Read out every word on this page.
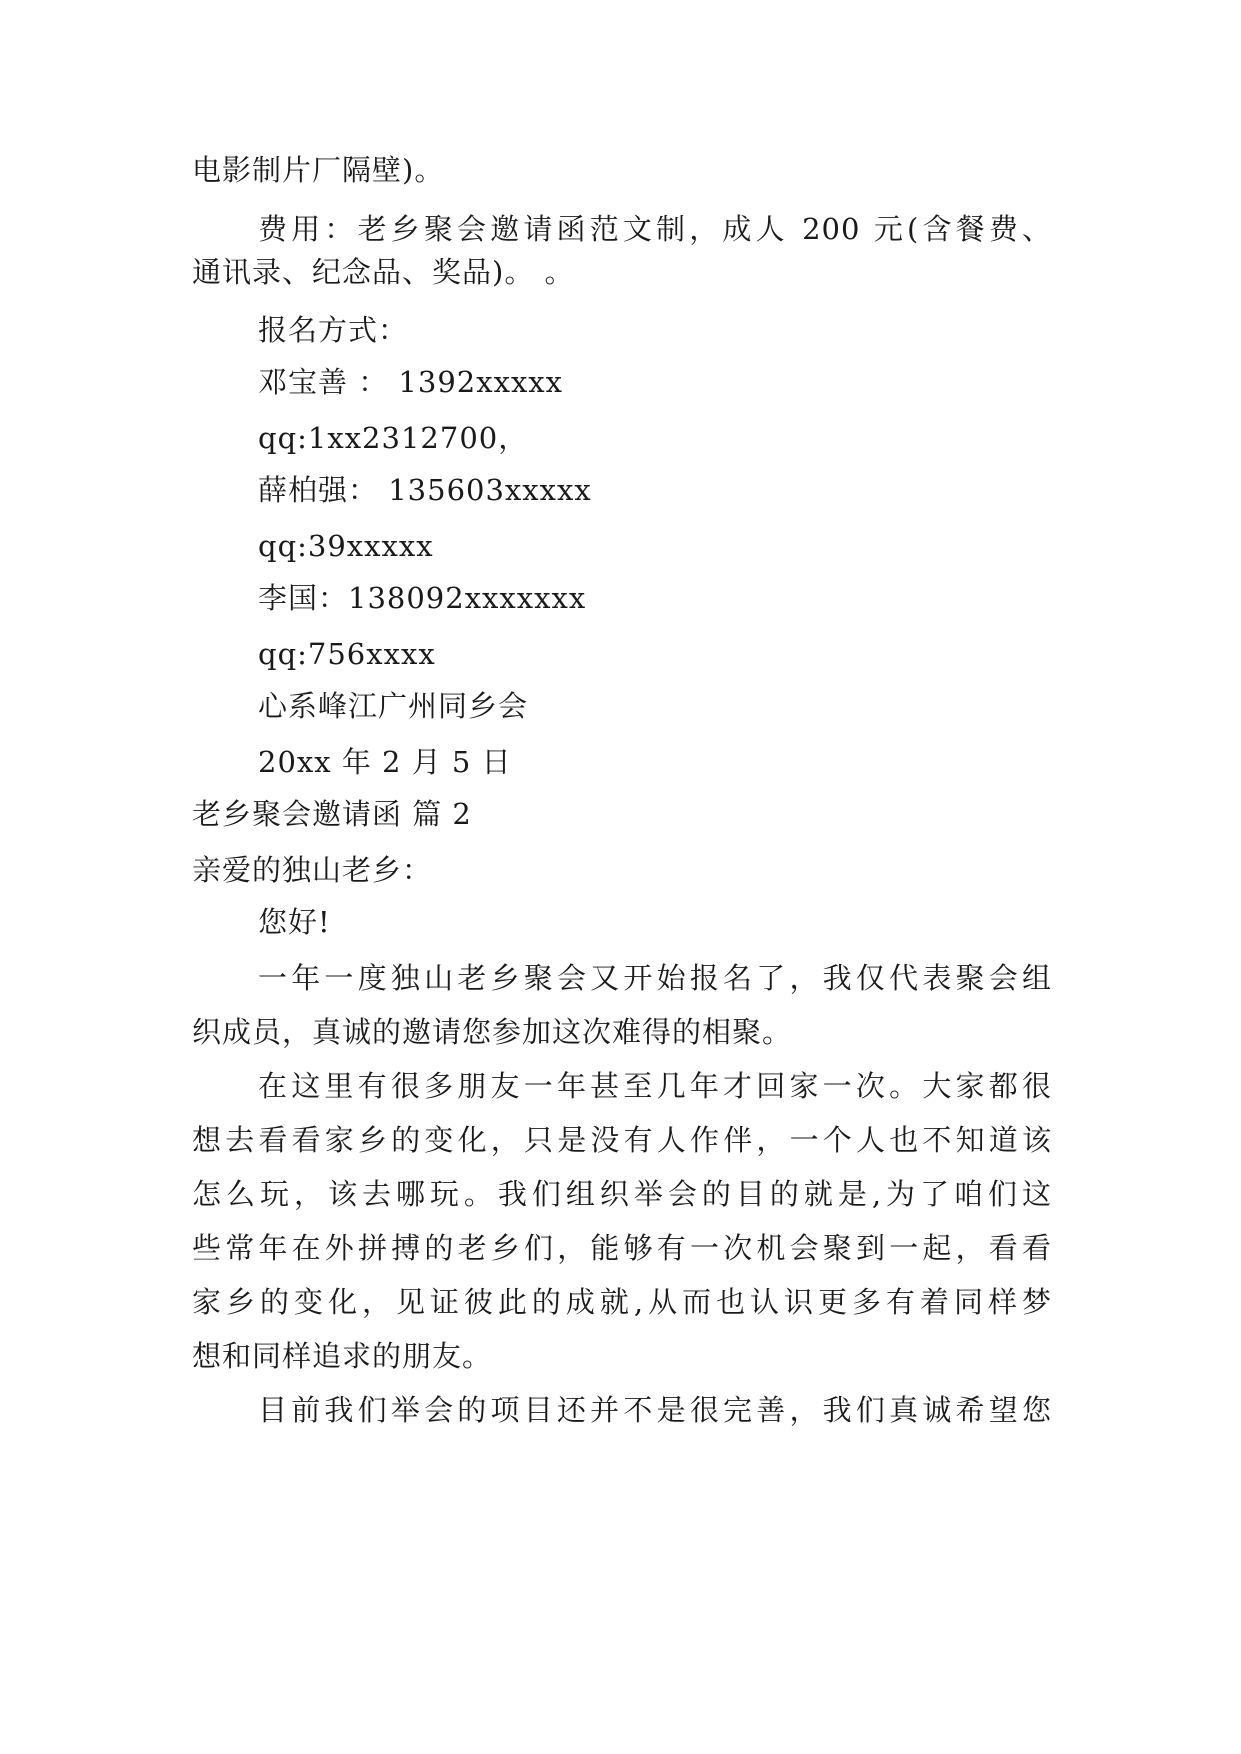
电影制片厂隔壁)。
费用：老乡聚会邀请函范文制，成人 200 元(含餐费、
通讯录、纪念品、奖品)。 。
报名方式：
邓宝善 ： 1392xxxxx
qq:1xx2312700，
薛柏强： 135603xxxxx
qq:39xxxxx
李国：138092xxxxxxx
qq:756xxxx
心系峰江广州同乡会
20xx 年 2 月 5 日
老乡聚会邀请函 篇 2
亲爱的独山老乡：
您好!
一年一度独山老乡聚会又开始报名了，我仅代表聚会组
织成员，真诚的邀请您参加这次难得的相聚。
在这里有很多朋友一年甚至几年才回家一次。大家都很
想去看看家乡的变化，只是没有人作伴，一个人也不知道该
怎么玩，该去哪玩。我们组织举会的目的就是,为了咱们这
些常年在外拼搏的老乡们，能够有一次机会聚到一起，看看
家乡的变化，见证彼此的成就,从而也认识更多有着同样梦
想和同样追求的朋友。
目前我们举会的项目还并不是很完善，我们真诚希望您
